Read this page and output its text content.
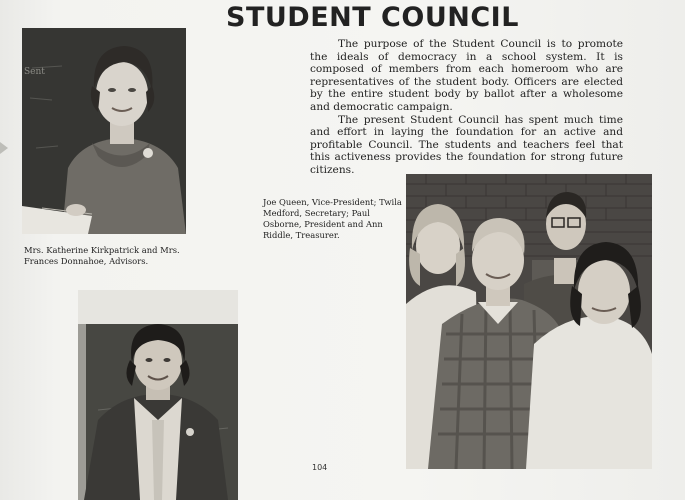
STUDENT COUNCIL

The purpose of the Student Council is to promote the ideals of democracy in a school system. It is composed of members from each homeroom who are representatives of the student body. Officers are elected by the entire student body by ballot after a wholesome and democratic campaign.

The present Student Council has spent much time and effort in laying the foundation for an active and profitable Council. The students and teachers feel that this activeness provides the foundation for strong future citizens.

Sent
Mrs. Katherine Kirkpatrick and Mrs. Frances Donnahoe, Advisors.
Joe Queen, Vice-President; Twila Medford, Secretary; Paul Osborne, President and Ann Riddle, Treasurer.
104
